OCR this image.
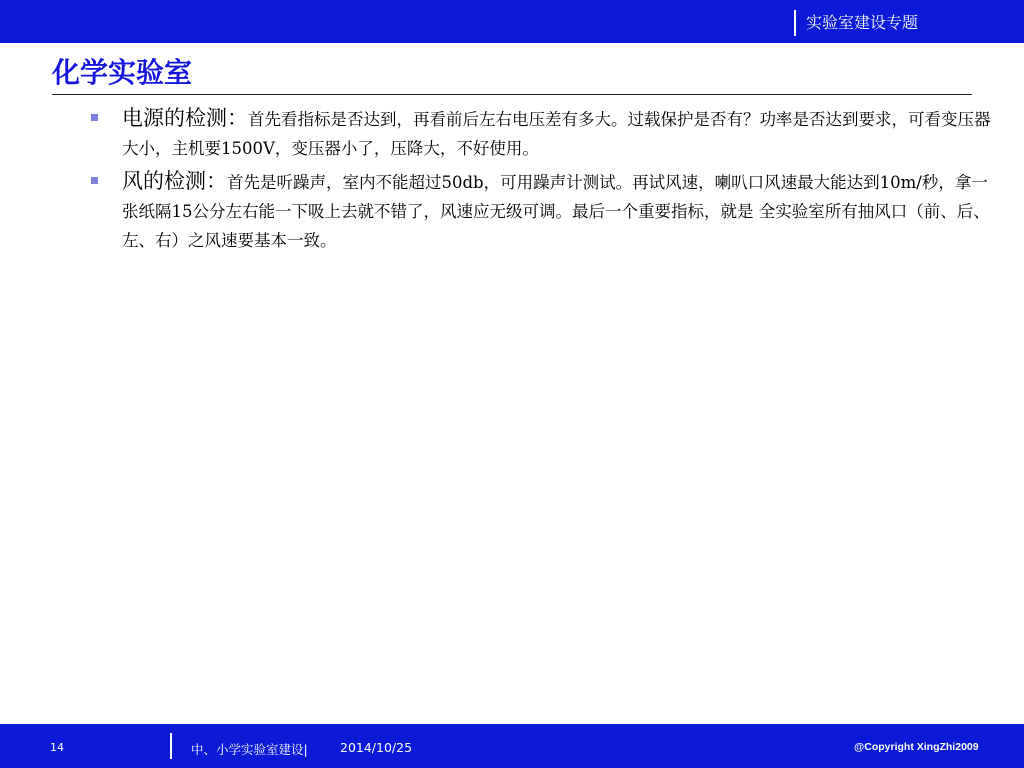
实验室建设专题
化学实验室
电源的检测：首先看指标是否达到，再看前后左右电压差有多大。过载保护是否有？功率是否达到要求，可看变压器大小，主机要1500V，变压器小了，压降大，不好使用。
风的检测：首先是听躁声，室内不能超过50db，可用躁声计测试。再试风速，喇叭口风速最大能达到10m/秒，拿一张纸隔15公分左右能一下吸上去就不错了，风速应无级可调。最后一个重要指标，就是 全实验室所有抽风口（前、后、左、右）之风速要基本一致。
14	中、小学实验室建设|	2014/10/25	@Copyright XingZhi2009
